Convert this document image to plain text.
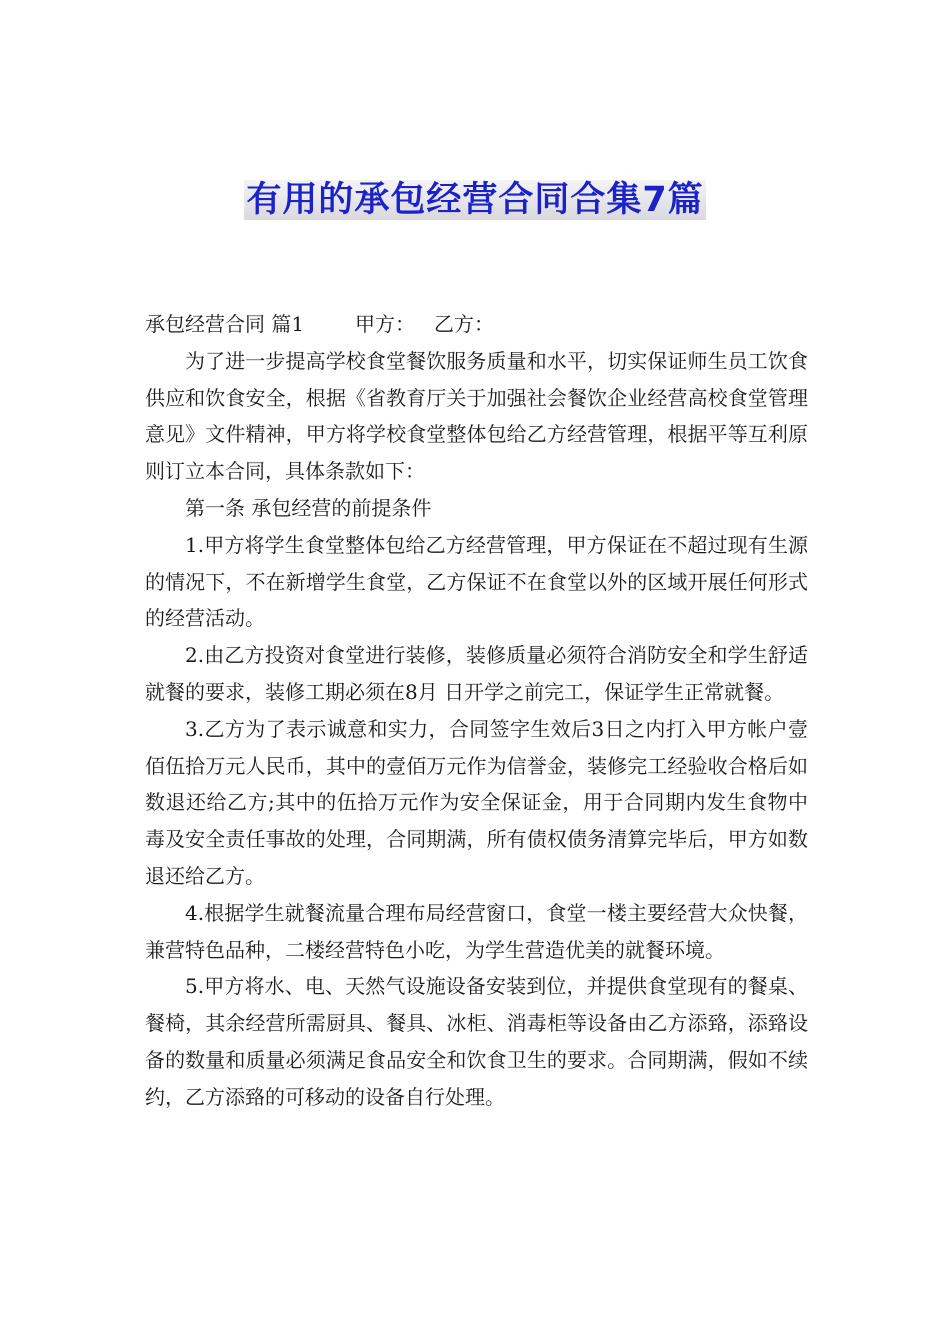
有用的承包经营合同合集7篇
承包经营合同 篇1	甲方： 乙方：

为了进一步提高学校食堂餐饮服务质量和水平，切实保证师生员工饮食供应和饮食安全，根据《省教育厅关于加强社会餐饮企业经营高校食堂管理意见》文件精神，甲方将学校食堂整体包给乙方经营管理，根据平等互利原则订立本合同，具体条款如下：

第一条 承包经营的前提条件

1.甲方将学生食堂整体包给乙方经营管理，甲方保证在不超过现有生源的情况下，不在新增学生食堂，乙方保证不在食堂以外的区域开展任何形式的经营活动。

2.由乙方投资对食堂进行装修，装修质量必须符合消防安全和学生舒适就餐的要求，装修工期必须在8月 日开学之前完工，保证学生正常就餐。

3.乙方为了表示诚意和实力，合同签字生效后3日之内打入甲方帐户壹佰伍拾万元人民币，其中的壹佰万元作为信誉金，装修完工经验收合格后如数退还给乙方;其中的伍拾万元作为安全保证金，用于合同期内发生食物中毒及安全责任事故的处理，合同期满，所有债权债务清算完毕后，甲方如数退还给乙方。

4.根据学生就餐流量合理布局经营窗口，食堂一楼主要经营大众快餐，兼营特色品种，二楼经营特色小吃，为学生营造优美的就餐环境。

5.甲方将水、电、天然气设施设备安装到位，并提供食堂现有的餐桌、餐椅，其余经营所需厨具、餐具、冰柜、消毒柜等设备由乙方添臵，添臵设备的数量和质量必须满足食品安全和饮食卫生的要求。合同期满，假如不续约，乙方添臵的可移动的设备自行处理。
